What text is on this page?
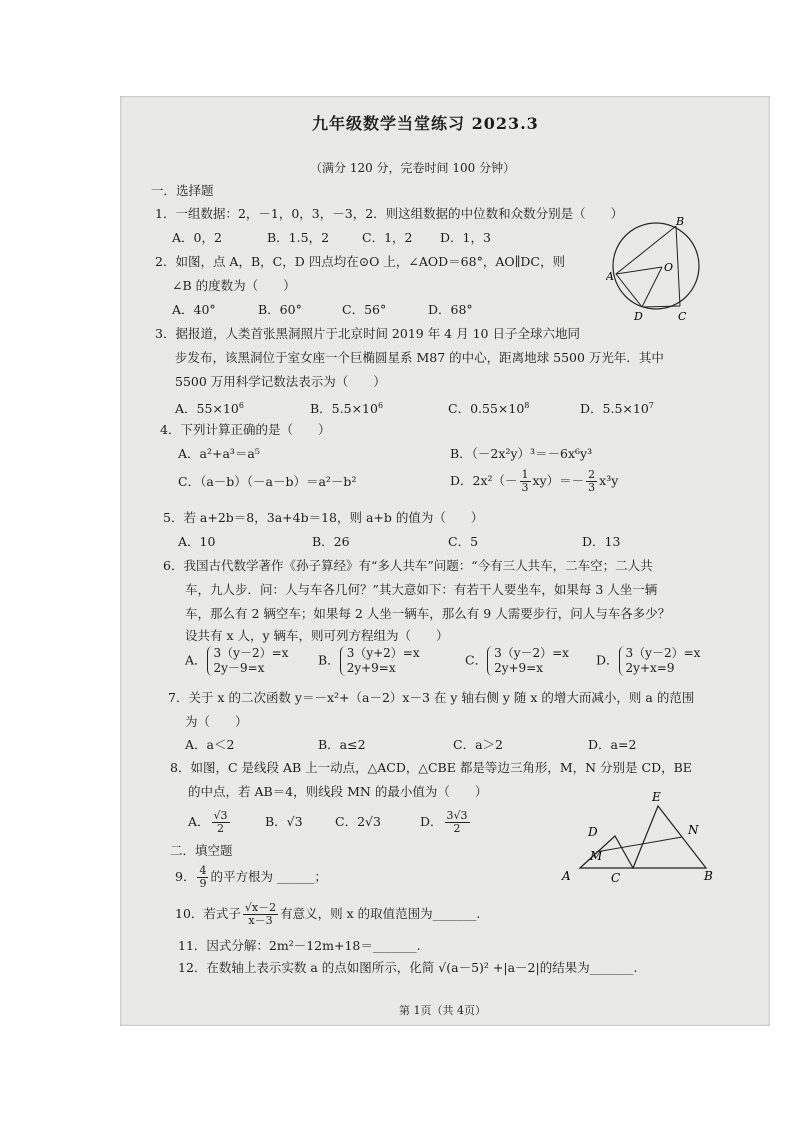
九年级数学当堂练习 2023.3
（满分 120 分，完卷时间 100 分钟）
一．选择题
1．一组数据：2，－1，0，3，－3，2．则这组数据的中位数和众数分别是（　　）
A．0，2	B．1.5，2	C．1，2 D．1，3
2．如图，点 A，B，C，D 四点均在⊙O 上，∠AOD＝68°，AO∥DC，则
∠B 的度数为（　　）
A．40°	B．60°	C．56°	D．68°
B
O
A
D	C
3．据报道，人类首张黑洞照片于北京时间 2019 年 4 月 10 日子全球六地同
步发布，该黑洞位于室女座一个巨椭圆星系 M87 的中心，距离地球 5500 万光年．其中
5500 万用科学记数法表示为（　　）
A．$55\times 10^6$	B．$5.5\times 10^6$	C．$0.55\times 10^8$	D．$5.5\times 10^7$
4．下列计算正确的是（　　）
A．a²+a³＝a⁵	B．（－2x²y）³＝－6x⁶y³
C．（a－b）（－a－b）＝a²－b²	D．$2x^2(- \frac{1}{3} xy)=- \frac{2}{3} x^3y$
5．若 a+2b＝8，3a+4b＝18，则 a+b 的值为（　　）
A．10	B．26	C．5	D．13
6．我国古代数学著作《孙子算经》有“多人共车”问题：“今有三人共车，二车空；二人共
车，九人步．问：人与车各几何？”其大意如下：有若干人要坐车，如果每 3 人坐一辆
车，那么有 2 辆空车；如果每 2 人坐一辆车，那么有 9 人需要步行，问人与车各多少？
设共有 x 人，y 辆车，则可列方程组为（　　）
A． 3（y－2）=x
2y－9=x
B． 3（y+2）=x
2y+9=x
C． 3（y－2）=x
2y+9=x
D． 3（y－2）=x
2y+x=9
7．关于 x 的二次函数 y＝－x²+（a－2）x－3 在 y 轴右侧 y 随 x 的增大而减小，则 a 的范围
为（　　）
A．a＜2	B．a≤2	C．a＞2	D．a=2
8．如图，C 是线段 AB 上一动点，△ACD，△CBE 都是等边三角形，M，N 分别是 CD，BE
的中点，若 AB＝4，则线段 MN 的最小值为（　　）
A． $\frac{√3}{2}$	B．√3	C．2√3	D． $\frac{3√3}{2}$
E
D	N
M
A	C	B
二．填空题
9． $\frac{4}{9}$ 的平方根为 ______；
10．若式子 $\frac{√x-2}{x-3}$ 有意义，则 x 的取值范围为_______.
11．因式分解：2m²－12m+18＝_______.
12．在数轴上表示实数 a 的点如图所示，化简 √(a－5)² +|a－2|的结果为_______.
第 1页（共 4页）
